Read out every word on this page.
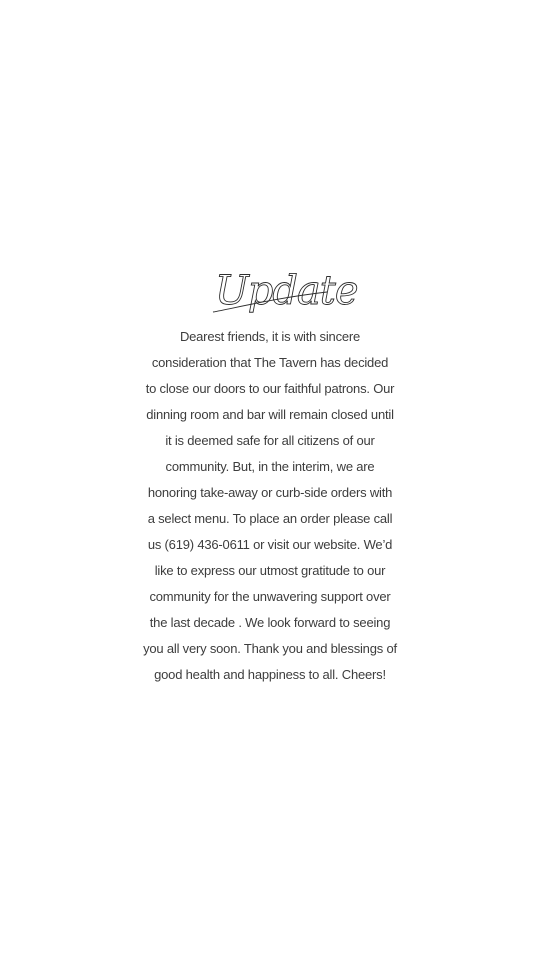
Update
Dearest friends, it is with sincere
consideration that The Tavern has decided
to close our doors to our faithful patrons. Our
dinning room and bar will remain closed until
it is deemed safe for all citizens of our
community. But, in the interim, we are
honoring take-away or curb-side orders with
a select menu. To place an order please call
us (619) 436-0611 or visit our website. We’d
like to express our utmost gratitude to our
community for the unwavering support over
the last decade . We look forward to seeing
you all very soon. Thank you and blessings of
good health and happiness to all. Cheers!
